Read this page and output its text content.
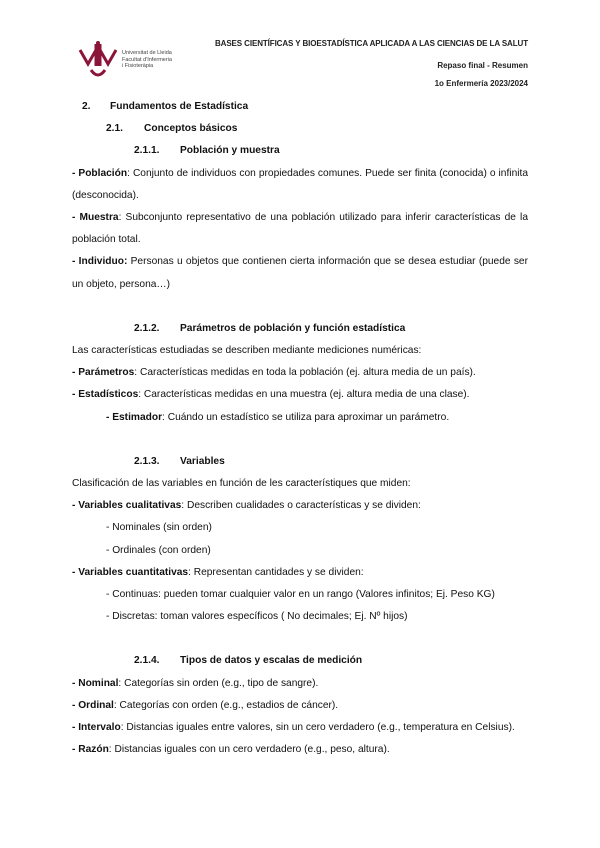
Universitat de Lleida
Facultat d'Infermeria
i Fisioteràpia
BASES CIENTÍFICAS Y BIOESTADÍSTICA APLICADA A LAS CIENCIAS DE LA SALUT
Repaso final - Resumen
1o Enfermería 2023/2024

2. Fundamentos de Estadística

2.1. Conceptos básicos

2.1.1. Población y muestra

- Población: Conjunto de individuos con propiedades comunes. Puede ser finita (conocida) o infinita (desconocida).

- Muestra: Subconjunto representativo de una población utilizado para inferir características de la población total.

- Individuo: Personas u objetos que contienen cierta información que se desea estudiar (puede ser un objeto, persona…)

2.1.2. Parámetros de población y función estadística

Las características estudiadas se describen mediante mediciones numéricas:

- Parámetros: Características medidas en toda la población (ej. altura media de un país).

- Estadísticos: Características medidas en una muestra (ej. altura media de una clase).

- Estimador: Cuándo un estadístico se utiliza para aproximar un parámetro.

2.1.3. Variables

Clasificación de las variables en función de les característiques que miden:

- Variables cualitativas: Describen cualidades o características y se dividen:

- Nominales (sin orden)

- Ordinales (con orden)

- Variables cuantitativas: Representan cantidades y se dividen:

- Continuas: pueden tomar cualquier valor en un rango (Valores infinitos; Ej. Peso KG)

- Discretas: toman valores específicos ( No decimales; Ej. Nº hijos)

2.1.4. Tipos de datos y escalas de medición

- Nominal: Categorías sin orden (e.g., tipo de sangre).

- Ordinal: Categorías con orden (e.g., estadios de cáncer).

- Intervalo: Distancias iguales entre valores, sin un cero verdadero (e.g., temperatura en Celsius).

- Razón: Distancias iguales con un cero verdadero (e.g., peso, altura).
